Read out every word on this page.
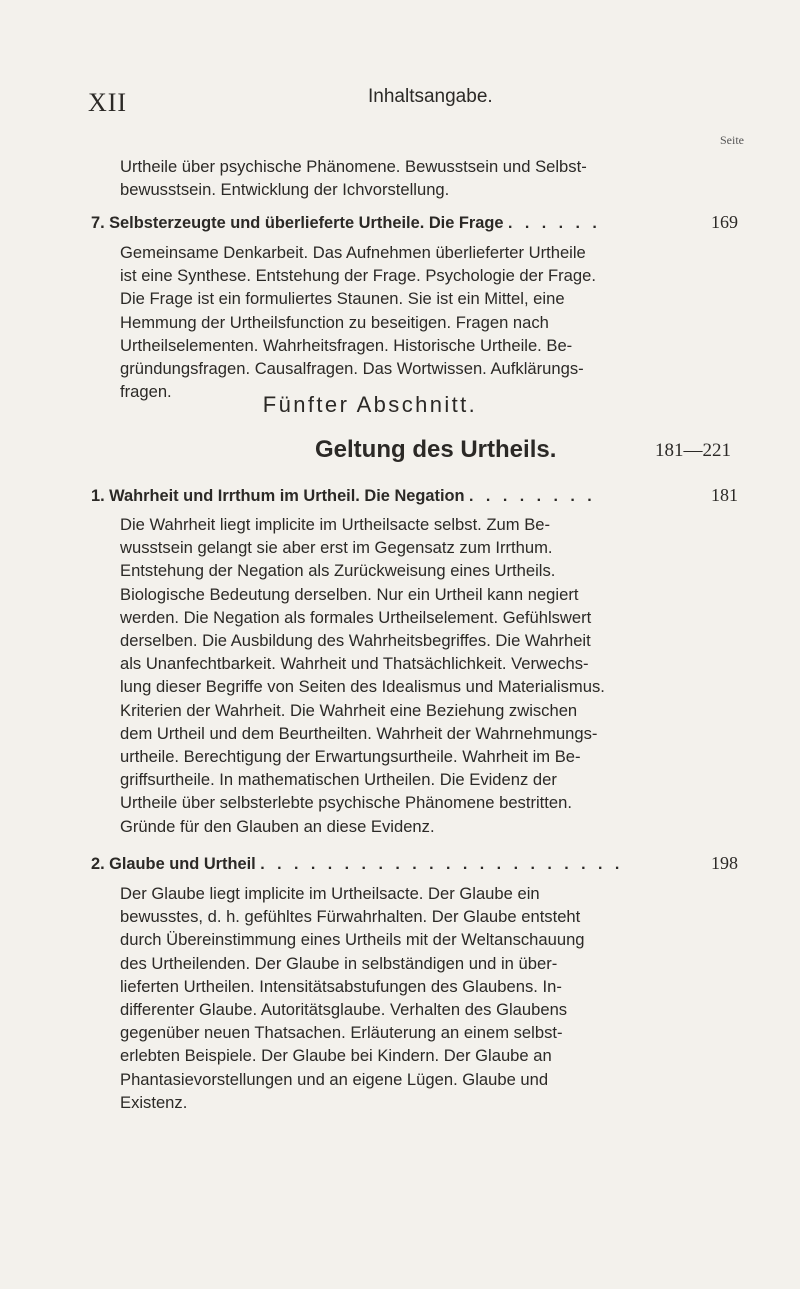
XII	Inhaltsangabe.
Seite
Urtheile über psychische Phänomene. Bewusstsein und Selbst-
bewusstsein. Entwicklung der Ichvorstellung.
7. Selbsterzeugte und überlieferte Urtheile. Die Frage . . . . . .	169
Gemeinsame Denkarbeit. Das Aufnehmen überlieferter Urtheile
ist eine Synthese. Entstehung der Frage. Psychologie der Frage.
Die Frage ist ein formuliertes Staunen. Sie ist ein Mittel, eine
Hemmung der Urtheilsfunction zu beseitigen. Fragen nach
Urtheilselementen. Wahrheitsfragen. Historische Urtheile. Be-
gründungsfragen. Causalfragen. Das Wortwissen. Aufklärungs-
fragen.
Fünfter Abschnitt.
Geltung des Urtheils.	181—221
1. Wahrheit und Irrthum im Urtheil. Die Negation . . . . . . . .	181
Die Wahrheit liegt implicite im Urtheilsacte selbst. Zum Be-
wusstsein gelangt sie aber erst im Gegensatz zum Irrthum.
Entstehung der Negation als Zurückweisung eines Urtheils.
Biologische Bedeutung derselben. Nur ein Urtheil kann negiert
werden. Die Negation als formales Urtheilselement. Gefühlswert
derselben. Die Ausbildung des Wahrheitsbegriffes. Die Wahrheit
als Unanfechtbarkeit. Wahrheit und Thatsächlichkeit. Verwechs-
lung dieser Begriffe von Seiten des Idealismus und Materialismus.
Kriterien der Wahrheit. Die Wahrheit eine Beziehung zwischen
dem Urtheil und dem Beurtheilten. Wahrheit der Wahrnehmungs-
urtheile. Berechtigung der Erwartungsurtheile. Wahrheit im Be-
griffsurtheile. In mathematischen Urtheilen. Die Evidenz der
Urtheile über selbsterlebte psychische Phänomene bestritten.
Gründe für den Glauben an diese Evidenz.
2. Glaube und Urtheil . . . . . . . . . . . . . . . . . . . . . .	198
Der Glaube liegt implicite im Urtheilsacte. Der Glaube ein
bewusstes, d. h. gefühltes Fürwahrhalten. Der Glaube entsteht
durch Übereinstimmung eines Urtheils mit der Weltanschauung
des Urtheilenden. Der Glaube in selbständigen und in über-
lieferten Urtheilen. Intensitätsabstufungen des Glaubens. In-
differenter Glaube. Autoritätsglaube. Verhalten des Glaubens
gegenüber neuen Thatsachen. Erläuterung an einem selbst-
erlebten Beispiele. Der Glaube bei Kindern. Der Glaube an
Phantasievorstellungen und an eigene Lügen. Glaube und
Existenz.
